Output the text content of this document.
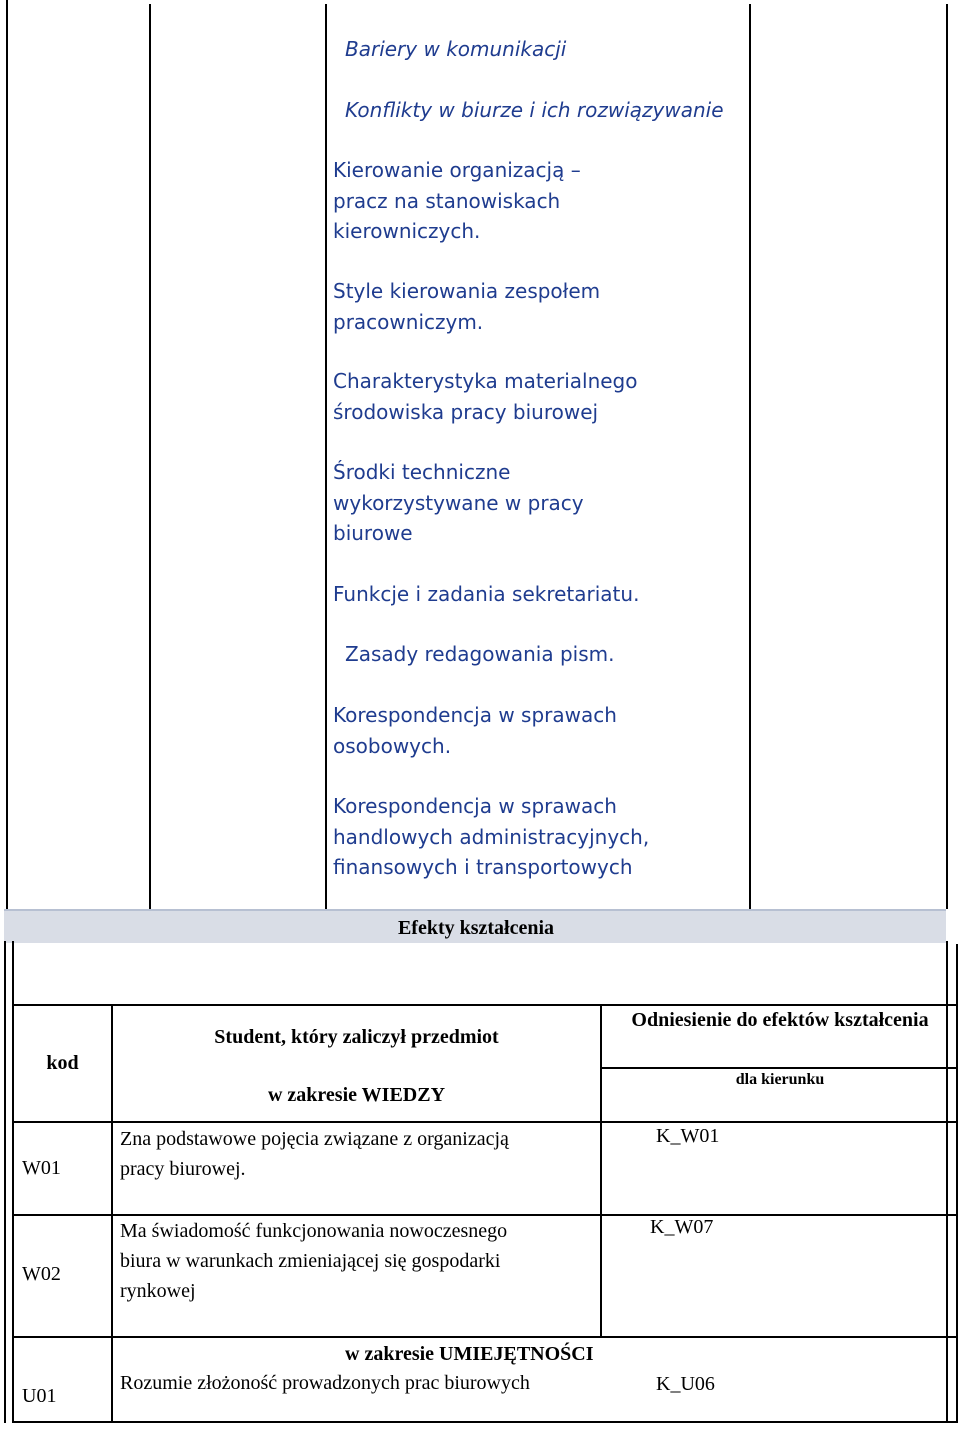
Bariery w komunikacji
Konflikty w biurze i ich rozwiązywanie
Kierowanie organizacją –
pracz na stanowiskach
kierowniczych.
Style kierowania zespołem
pracowniczym.
Charakterystyka materialnego
środowiska pracy biurowej
Środki techniczne
wykorzystywane w pracy
biurowe
Funkcje i zadania sekretariatu.
Zasady redagowania pism.
Korespondencja w sprawach
osobowych.
Korespondencja w sprawach
handlowych administracyjnych,
finansowych i transportowych
Efekty kształcenia
kod
Student, który zaliczył przedmiot
w zakresie WIEDZY
Odniesienie do efektów kształcenia
dla kierunku
W01
Zna podstawowe pojęcia związane z organizacją
pracy biurowej.
K_W01
W02
Ma świadomość funkcjonowania nowoczesnego
biura w warunkach zmieniającej się gospodarki
rynkowej
K_W07
w zakresie UMIEJĘTNOŚCI
U01
Rozumie złożoność prowadzonych prac biurowych	K_U06
